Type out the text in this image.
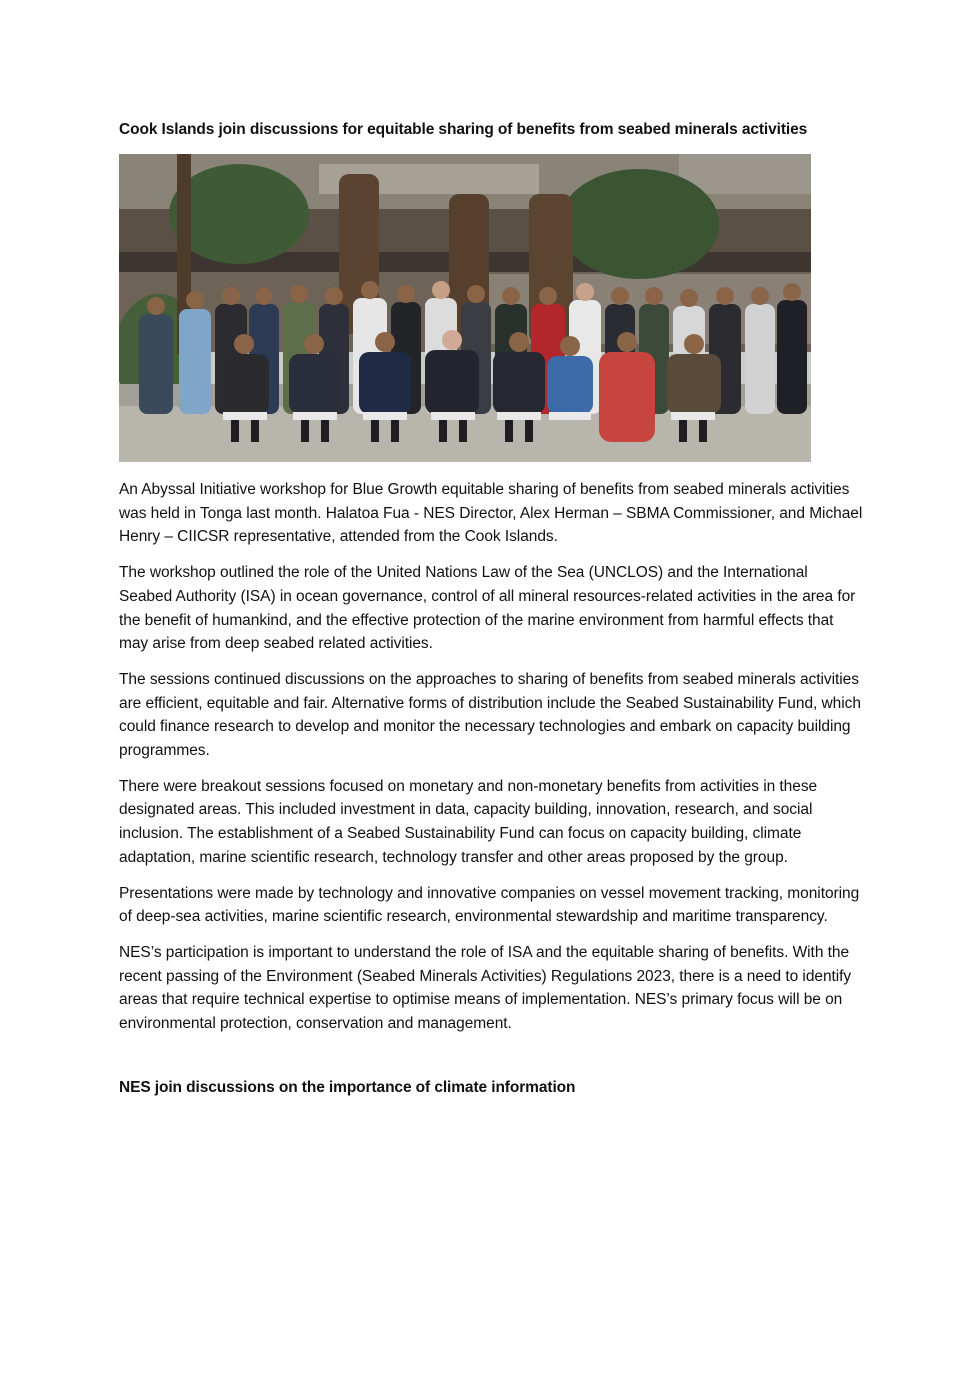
Cook Islands join discussions for equitable sharing of benefits from seabed minerals activities

An Abyssal Initiative workshop for Blue Growth equitable sharing of benefits from seabed minerals activities was held in Tonga last month. Halatoa Fua - NES Director, Alex Herman – SBMA Commissioner, and Michael Henry – CIICSR representative, attended from the Cook Islands.

The workshop outlined the role of the United Nations Law of the Sea (UNCLOS) and the International Seabed Authority (ISA) in ocean governance, control of all mineral resources-related activities in the area for the benefit of humankind, and the effective protection of the marine environment from harmful effects that may arise from deep seabed related activities.

The sessions continued discussions on the approaches to sharing of benefits from seabed minerals activities are efficient, equitable and fair. Alternative forms of distribution include the Seabed Sustainability Fund, which could finance research to develop and monitor the necessary technologies and embark on capacity building programmes.

There were breakout sessions focused on monetary and non-monetary benefits from activities in these designated areas. This included investment in data, capacity building, innovation, research, and social inclusion. The establishment of a Seabed Sustainability Fund can focus on capacity building, climate adaptation, marine scientific research, technology transfer and other areas proposed by the group.

Presentations were made by technology and innovative companies on vessel movement tracking, monitoring of deep-sea activities, marine scientific research, environmental stewardship and maritime transparency.

NES’s participation is important to understand the role of ISA and the equitable sharing of benefits. With the recent passing of the Environment (Seabed Minerals Activities) Regulations 2023, there is a need to identify areas that require technical expertise to optimise means of implementation. NES’s primary focus will be on environmental protection, conservation and management.

NES join discussions on the importance of climate information
